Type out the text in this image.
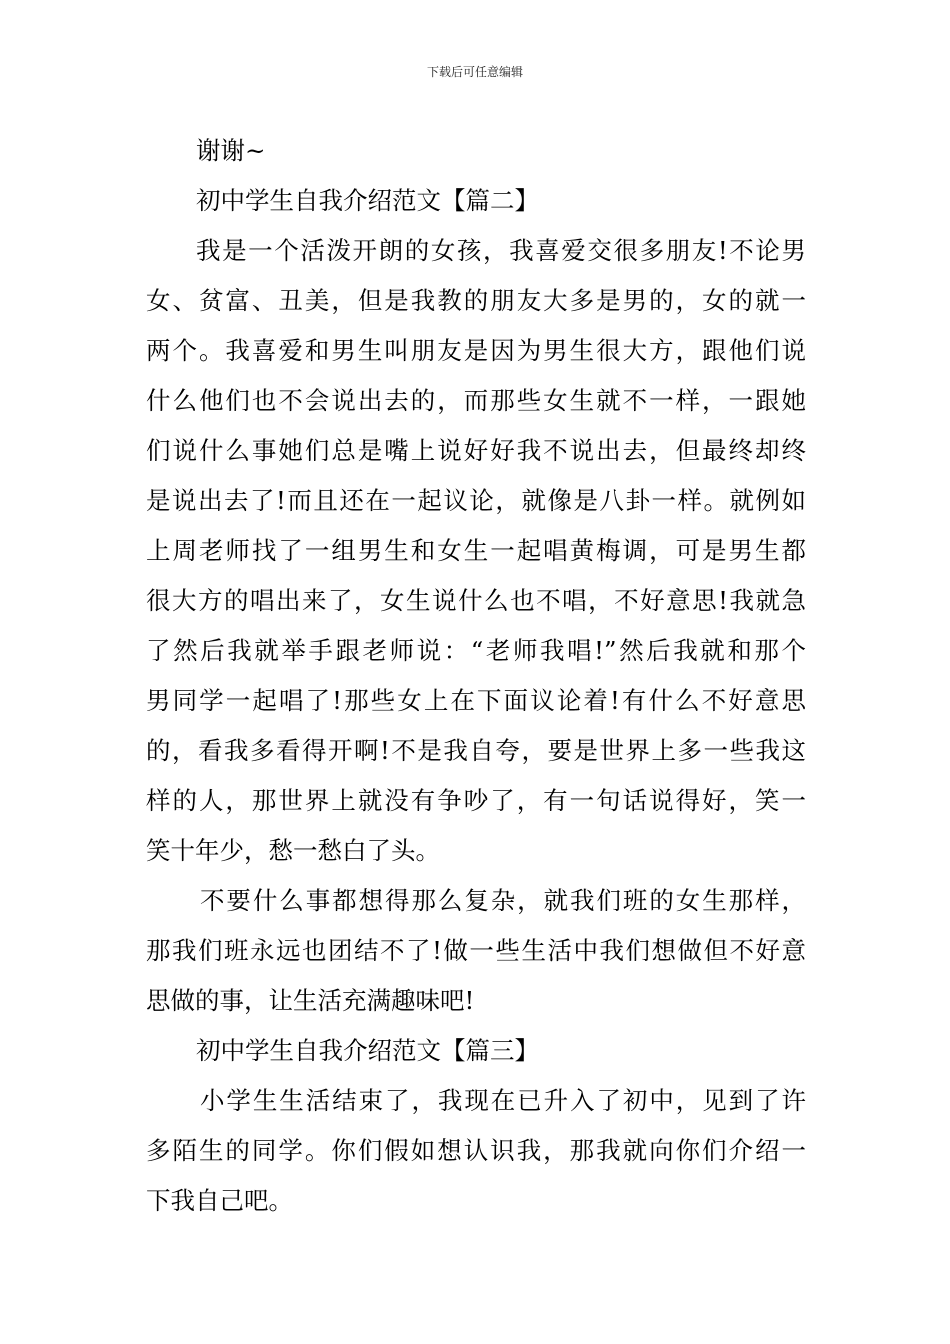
下载后可任意编辑
谢谢~
初中学生自我介绍范文【篇二】
我是一个活泼开朗的女孩，我喜爱交很多朋友!不论男
女、贫富、丑美，但是我教的朋友大多是男的，女的就一
两个。我喜爱和男生叫朋友是因为男生很大方，跟他们说
什么他们也不会说出去的，而那些女生就不一样，一跟她
们说什么事她们总是嘴上说好好我不说出去，但最终却终
是说出去了!而且还在一起议论，就像是八卦一样。就例如
上周老师找了一组男生和女生一起唱黄梅调，可是男生都
很大方的唱出来了，女生说什么也不唱，不好意思!我就急
了然后我就举手跟老师说：“老师我唱!”然后我就和那个
男同学一起唱了!那些女上在下面议论着!有什么不好意思
的，看我多看得开啊!不是我自夸，要是世界上多一些我这
样的人，那世界上就没有争吵了，有一句话说得好，笑一
笑十年少，愁一愁白了头。
不要什么事都想得那么复杂，就我们班的女生那样，
那我们班永远也团结不了!做一些生活中我们想做但不好意
思做的事，让生活充满趣味吧!
初中学生自我介绍范文【篇三】
小学生生活结束了，我现在已升入了初中，见到了许
多陌生的同学。你们假如想认识我，那我就向你们介绍一
下我自己吧。
